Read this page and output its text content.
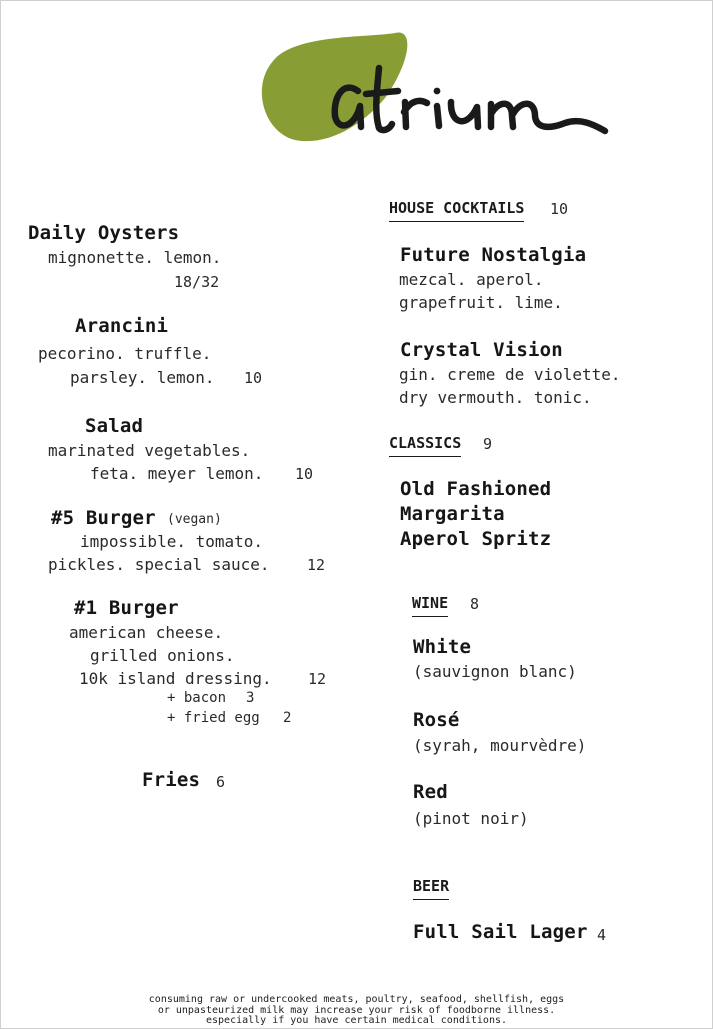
Daily Oysters
mignonette. lemon.
18/32
Arancini
pecorino. truffle.
parsley. lemon. 10
Salad
marinated vegetables.
feta. meyer lemon. 10
#5 Burger (vegan)
impossible. tomato.
pickles. special sauce. 12
#1 Burger
american cheese.
grilled onions.
10k island dressing. 12
+ bacon 3
+ fried egg 2
Fries 6
HOUSE COCKTAILS 10
Future Nostalgia
mezcal. aperol.
grapefruit. lime.
Crystal Vision
gin. creme de violette.
dry vermouth. tonic.
CLASSICS 9
Old Fashioned
Margarita
Aperol Spritz
WINE 8
White
(sauvignon blanc)
Rosé
(syrah, mourvèdre)
Red
(pinot noir)
BEER
Full Sail Lager 4
consuming raw or undercooked meats, poultry, seafood, shellfish, eggs
or unpasteurized milk may increase your risk of foodborne illness.
especially if you have certain medical conditions.
